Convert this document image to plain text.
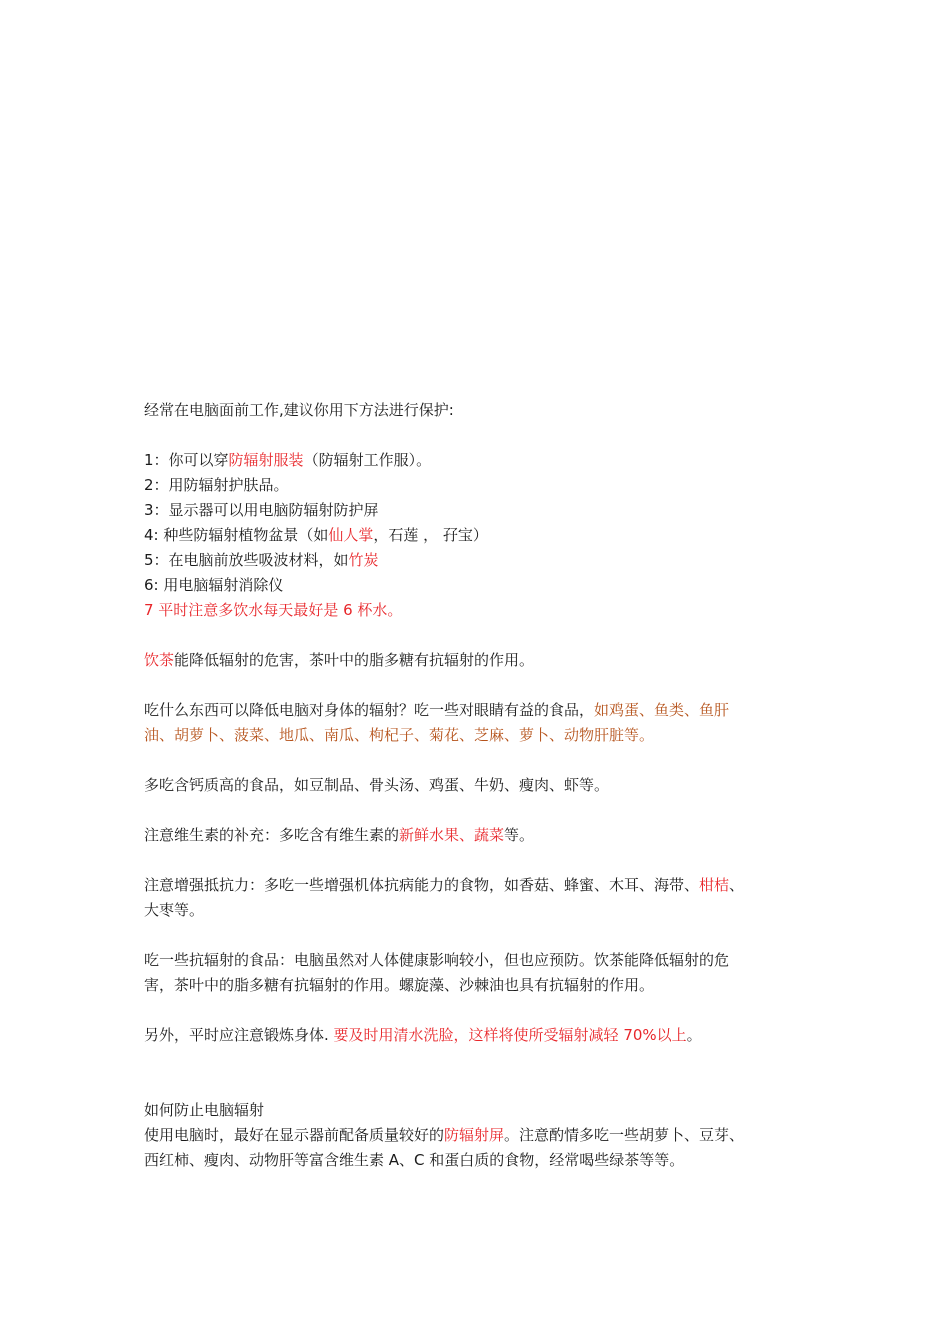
经常在电脑面前工作,建议你用下方法进行保护:

1：你可以穿防辐射服装（防辐射工作服）。

2：用防辐射护肤品。

3：显示器可以用电脑防辐射防护屏

4: 种些防辐射植物盆景（如仙人掌，石莲 ， 孖宝）

5：在电脑前放些吸波材料，如竹炭

6: 用电脑辐射消除仪

7 平时注意多饮水每天最好是 6 杯水。

饮茶能降低辐射的危害，茶叶中的脂多糖有抗辐射的作用。

吃什么东西可以降低电脑对身体的辐射？吃一些对眼睛有益的食品，如鸡蛋、鱼类、鱼肝

油、胡萝卜、菠菜、地瓜、南瓜、枸杞子、菊花、芝麻、萝卜、动物肝脏等。

多吃含钙质高的食品，如豆制品、骨头汤、鸡蛋、牛奶、瘦肉、虾等。

注意维生素的补充：多吃含有维生素的新鲜水果、蔬菜等。

注意增强抵抗力：多吃一些增强机体抗病能力的食物，如香菇、蜂蜜、木耳、海带、柑桔、

大枣等。

吃一些抗辐射的食品：电脑虽然对人体健康影响较小，但也应预防。饮茶能降低辐射的危

害，茶叶中的脂多糖有抗辐射的作用。螺旋藻、沙棘油也具有抗辐射的作用。

另外，平时应注意锻炼身体. 要及时用清水洗脸，这样将使所受辐射减轻 70%以上。

如何防止电脑辐射

使用电脑时，最好在显示器前配备质量较好的防辐射屏。注意酌情多吃一些胡萝卜、豆芽、

西红柿、瘦肉、动物肝等富含维生素 A、C 和蛋白质的食物，经常喝些绿茶等等。
